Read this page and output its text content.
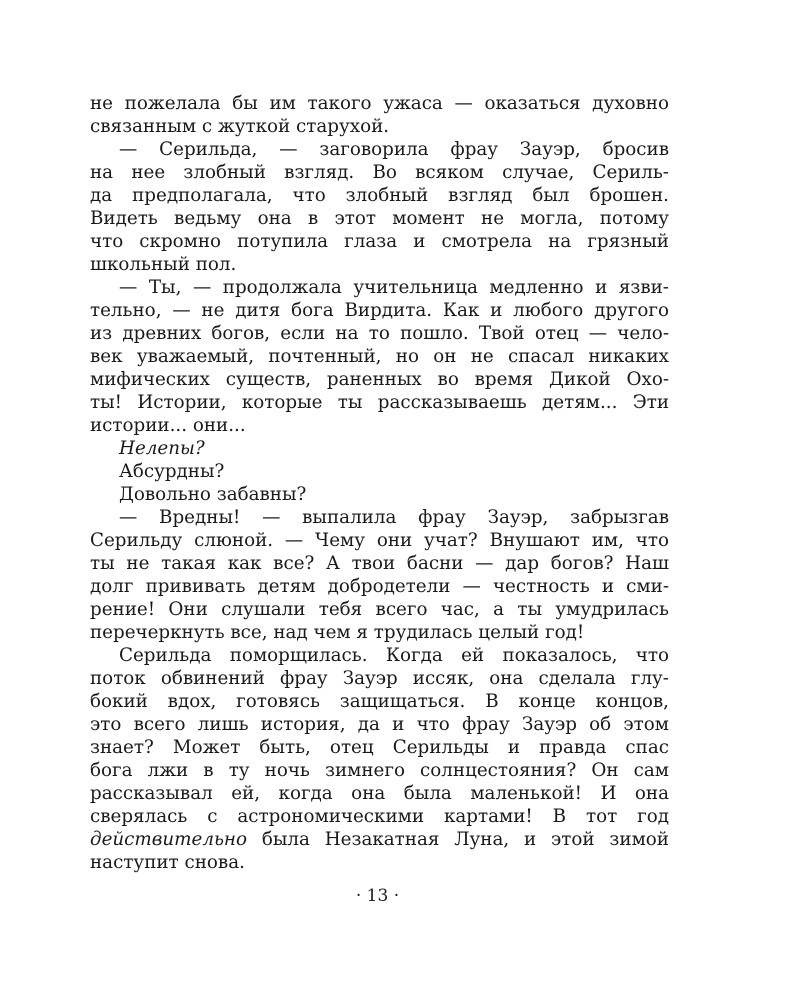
не пожелала бы им такого ужаса — оказаться духовно
связанным с жуткой старухой.
— Серильда, — заговорила фрау Зауэр, бросив
на нее злобный взгляд. Во всяком случае, Сериль-
да предполагала, что злобный взгляд был брошен.
Видеть ведьму она в этот момент не могла, потому
что скромно потупила глаза и смотрела на грязный
школьный пол.
— Ты, — продолжала учительница медленно и язви-
тельно, — не дитя бога Вирдита. Как и любого другого
из древних богов, если на то пошло. Твой отец — чело-
век уважаемый, почтенный, но он не спасал никаких
мифических существ, раненных во время Дикой Охо-
ты! Истории, которые ты рассказываешь детям... Эти
истории... они...
Нелепы?
Абсурдны?
Довольно забавны?
— Вредны! — выпалила фрау Зауэр, забрызгав
Серильду слюной. — Чему они учат? Внушают им, что
ты не такая как все? А твои басни — дар богов? Наш
долг прививать детям добродетели — честность и сми-
рение! Они слушали тебя всего час, а ты умудрилась
перечеркнуть все, над чем я трудилась целый год!
Серильда поморщилась. Когда ей показалось, что
поток обвинений фрау Зауэр иссяк, она сделала глу-
бокий вдох, готовясь защищаться. В конце концов,
это всего лишь история, да и что фрау Зауэр об этом
знает? Может быть, отец Серильды и правда спас
бога лжи в ту ночь зимнего солнцестояния? Он сам
рассказывал ей, когда она была маленькой! И она
сверялась с астрономическими картами! В тот год
действительно была Незакатная Луна, и этой зимой
наступит снова.
· 13 ·
